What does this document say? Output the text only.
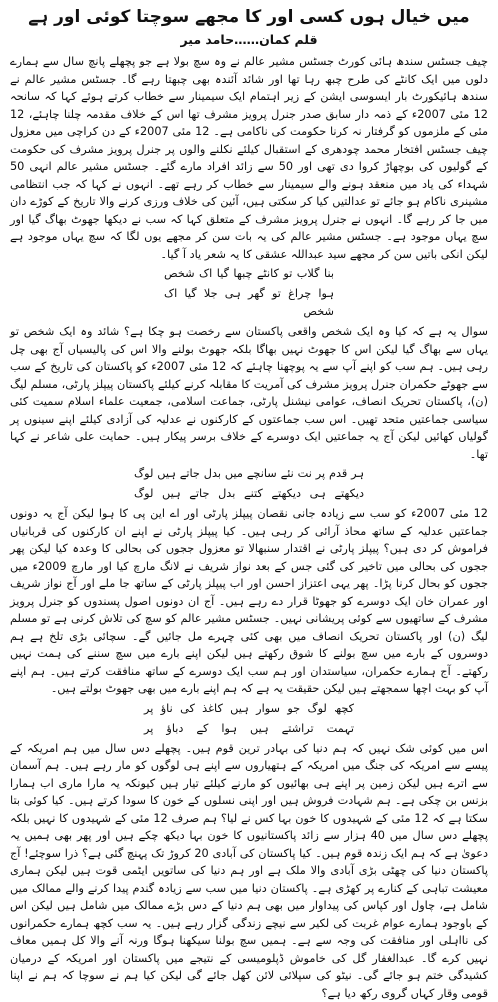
میں خیال ہوں کسی اور کا مجھے سوچتا کوئی اور ہے
قلم کمان……حامد میر

چیف جسٹس سندھ ہائی کورٹ جسٹس مشیر عالم نے وہ سچ بولا ہے جو پچھلے پانچ سال سے ہمارے دلوں میں ایک کانٹے کی طرح چبھ رہا تھا اور شائد آئندہ بھی چبھتا رہے گا۔ جسٹس مشیر عالم نے سندھ ہائیکورٹ بار ایسوسی ایشن کے زیر اہتمام ایک سیمینار سے خطاب کرتے ہوئے کہا کہ سانحہ 12 مئی 2007ء کے ذمہ دار سابق صدر جنرل پرویز مشرف تھا اس کے خلاف مقدمہ چلنا چاہئے، 12 مئی کے ملزموں کو گرفتار نہ کرنا حکومت کی ناکامی ہے۔ 12 مئی 2007ء کے دن کراچی میں معزول چیف جسٹس افتخار محمد چودھری کے استقبال کیلئے نکلنے والوں پر جنرل پرویز مشرف کی حکومت کے گولیوں کی بوچھاڑ کروا دی تھی اور 50 سے زائد افراد مارے گئے۔ جسٹس مشیر عالم انہی 50 شہداء کی یاد میں منعقد ہونے والے سیمینار سے خطاب کر رہے تھے۔ انہوں نے کہا کہ جب انتظامی مشینری ناکام ہو جائے تو عدالتیں کیا کر سکتی ہیں، آئین کی خلاف ورزی کرنے والا تاریخ کے کوڑے دان میں جا کر رہے گا۔ انہوں نے جنرل پرویز مشرف کے متعلق کہا کہ سب نے دیکھا جھوٹ بھاگ گیا اور سچ یہاں موجود ہے۔ جسٹس مشیر عالم کی یہ بات سن کر مجھے یوں لگا کہ سچ یہاں موجود ہے لیکن انکی باتیں سن کر مجھے سید عبداللہ عشقی کا یہ شعر یاد آ گیا۔

بنا گلاب تو کانٹے چبھا گیا اک شخص
ہوا چراغ تو گھر ہی جلا گیا اک شخص

سوال یہ ہے کہ کیا وہ ایک شخص واقعی پاکستان سے رخصت ہو چکا ہے؟ شائد وہ ایک شخص تو یہاں سے بھاگ گیا لیکن اس کا جھوٹ نہیں بھاگا بلکہ جھوٹ بولنے والا اس کی پالیسیاں آج بھی چل رہی ہیں۔ ہم سب کو اپنے آپ سے یہ پوچھنا چاہئے کہ 12 مئی 2007ء کو پاکستان کی تاریخ کے سب سے جھوٹے حکمران جنرل پرویز مشرف کی آمریت کا مقابلہ کرنے کیلئے پاکستان پیپلز پارٹی، مسلم لیگ (ن)، پاکستان تحریک انصاف، عوامی نیشنل پارٹی، جماعت اسلامی، جمعیت علماء اسلام سمیت کئی سیاسی جماعتیں متحد تھیں۔ اس سب جماعتوں کے کارکنوں نے عدلیہ کی آزادی کیلئے اپنے سینوں پر گولیاں کھائیں لیکن آج یہ جماعتیں ایک دوسرے کے خلاف برسر پیکار ہیں۔ حمایت علی شاعر نے کہا تھا۔

ہر قدم پر نت نئے سانچے میں بدل جاتے ہیں لوگ
دیکھتے ہی دیکھتے کتنے بدل جاتے ہیں لوگ

12 مئی 2007ء کو سب سے زیادہ جانی نقصان پیپلز پارٹی اور اے این پی کا ہوا لیکن آج یہ دونوں جماعتیں عدلیہ کے ساتھ محاذ آرائی کر رہی ہیں۔ کیا پیپلز پارٹی نے اپنے ان کارکنوں کی قربانیاں فراموش کر دی ہیں؟ پیپلز پارٹی نے اقتدار سنبھالا تو معزول ججوں کی بحالی کا وعدہ کیا لیکن پھر ججوں کی بحالی میں تاخیر کی گئی جس کے بعد نواز شریف نے لانگ مارچ کیا اور مارچ 2009ء میں ججوں کو بحال کرنا پڑا۔ پھر یہی اعتزاز احسن اور اب پیپلز پارٹی کے ساتھ جا ملے اور آج نواز شریف اور عمران خان ایک دوسرے کو جھوٹا قرار دے رہے ہیں۔ آج ان دونوں اصول پسندوں کو جنرل پرویز مشرف کے ساتھیوں سے کوئی پریشانی نہیں۔ جسٹس مشیر عالم کو سچ کی تلاش کرنی ہے تو مسلم لیگ (ن) اور پاکستان تحریک انصاف میں بھی کئی چہرے مل جائیں گے۔ سچائی بڑی تلخ ہے ہم دوسروں کے بارے میں سچ بولنے کا شوق رکھتے ہیں لیکن اپنے بارے میں سچ سننے کی ہمت نہیں رکھتے۔ آج ہمارے حکمران، سیاستدان اور ہم سب ایک دوسرے کے ساتھ منافقت کرتے ہیں۔ ہم اپنے آپ کو بہت اچھا سمجھتے ہیں لیکن حقیقت یہ ہے کہ ہم اپنے بارے میں بھی جھوٹ بولتے ہیں۔

کچھ لوگ جو سوار ہیں کاغذ کی ناؤ پر
تہمت تراشتے ہیں ہوا کے دباؤ پر

اس میں کوئی شک نہیں کہ ہم دنیا کی بہادر ترین قوم ہیں۔ پچھلے دس سال میں ہم امریکہ کے پیسے سے امریکہ کی جنگ میں امریکہ کے ہتھیاروں سے اپنے ہی لوگوں کو مار رہے ہیں۔ ہم آسمان سے اترے ہیں لیکن زمین پر اپنے ہی بھائیوں کو مارنے کیلئے تیار ہیں کیونکہ یہ مارا ماری اب ہمارا بزنس بن چکی ہے۔ ہم شہادت فروش ہیں اور اپنی نسلوں کے خون کا سودا کرتے ہیں۔ کیا کوئی بتا سکتا ہے کہ 12 مئی کے شہیدوں کا خون بہا کس نے لیا؟ ہم صرف 12 مئی کے شہیدوں کا نہیں بلکہ پچھلے دس سال میں 40 ہزار سے زائد پاکستانیوں کا خون بہا دیکھ چکے ہیں اور پھر بھی ہمیں یہ دعویٰ ہے کہ ہم ایک زندہ قوم ہیں۔ کیا پاکستان کی آبادی 20 کروڑ تک پہنچ گئی ہے؟ ذرا سوچئے! آج پاکستان دنیا کی چھٹی بڑی آبادی والا ملک ہے اور ہم دنیا کی ساتویں ایٹمی قوت ہیں لیکن ہماری معیشت تباہی کے کنارے پر کھڑی ہے۔ پاکستان دنیا میں سب سے زیادہ گندم پیدا کرنے والے ممالک میں شامل ہے، چاول اور کپاس کی پیداوار میں بھی ہم دنیا کے دس بڑے ممالک میں شامل ہیں لیکن اس کے باوجود ہمارے عوام غربت کی لکیر سے نیچے زندگی گزار رہے ہیں۔ یہ سب کچھ ہمارے حکمرانوں کی نااہلی اور منافقت کی وجہ سے ہے۔ ہمیں سچ بولنا سیکھنا ہوگا ورنہ آنے والا کل ہمیں معاف نہیں کرے گا۔ عبدالغفار گل کی خاموش ڈپلومیسی کے نتیجے میں پاکستان اور امریکہ کے درمیان کشیدگی ختم ہو جائے گی۔ نیٹو کی سپلائی لائن کھل جائے گی لیکن کیا ہم نے سوچا کہ ہم نے اپنا قومی وقار کہاں گروی رکھ دیا ہے؟
